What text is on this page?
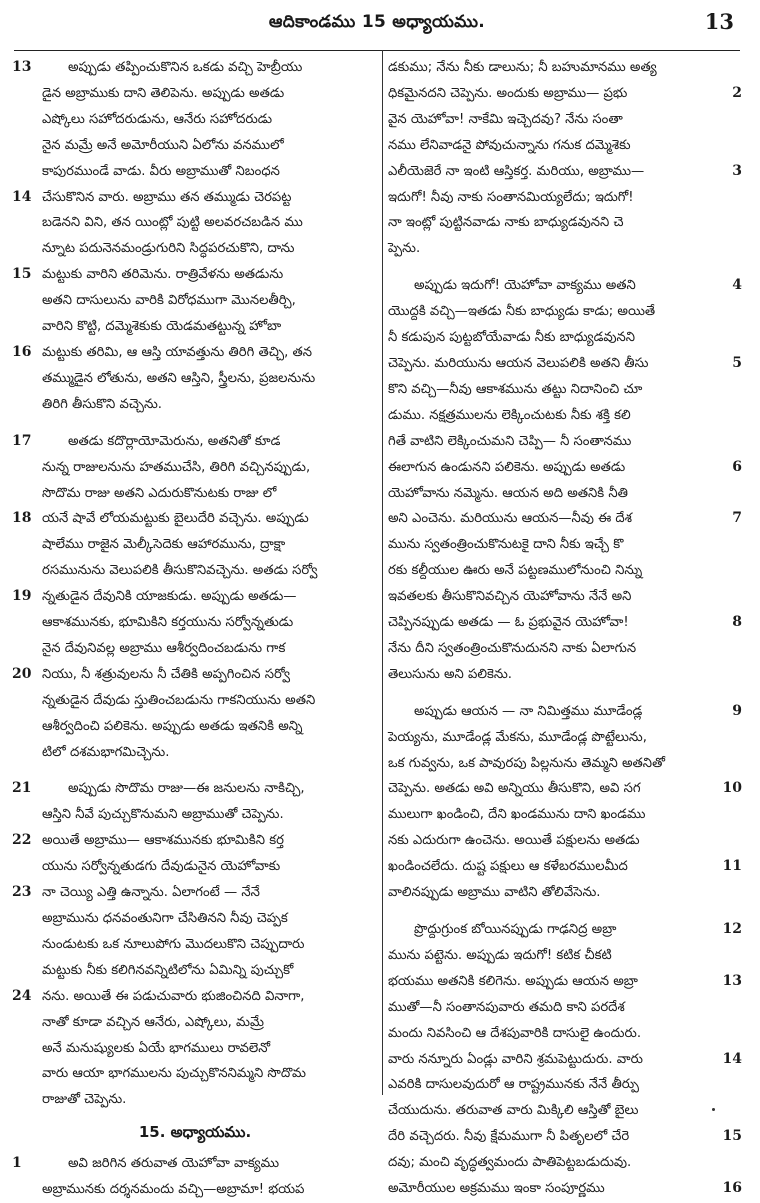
ఆదికాండము 15 అధ్యాయము.	13
13	అప్పుడు తప్పించుకొనిన ఒకడు వచ్చి హెబ్రీయు
డైన అబ్రాముకు దాని తెలిపెను. అప్పుడు అతడు
ఎష్కోలు సహోదరుడును, ఆనేరు సహోదరుడు
నైన మమ్రే అనే అమోరీయుని ఏలోను వనములో
కాపురముండే వాడు. వీరు అబ్రాముతో నిబంధన
14 చేసుకొనిన వారు. అబ్రాము తన తమ్ముడు చెరపట్ట
బడెనని విని, తన యింట్లో పుట్టి అలవరచబడిన ము
న్నూట పదునెనమండ్రుగురిని సిద్ధపరచుకొని, దాను
15 మట్టుకు వారిని తరిమెను. రాత్రివేళను అతడును
అతని దాసులును వారికి విరోధముగా మొనలతీర్చి,
వారిని కొట్టి, దమ్మెశెకుకు యెడమతట్టున్న హోబా
16 మట్టుకు తరిమి, ఆ ఆస్తి యావత్తును తిరిగి తెచ్చి, తన
తమ్ముడైన లోతును, అతని ఆస్తిని, స్త్రీలను, ప్రజలనును
తిరిగి తీసుకొని వచ్చెను.
17	అతడు కదొర్లాయోమెరును, అతనితో కూడ
నున్న రాజులనును హతముచేసి, తిరిగి వచ్చినప్పుడు,
సొదొమ రాజు అతని ఎదురుకొనుటకు రాజు లో
18 యనే షావే లోయమట్టుకు బైలుదేరి వచ్చెను. అప్పుడు
షాలేము రాజైన మెల్కీసెదెకు ఆహారమును, ద్రాక్షా
రసమునును వెలుపలికి తీసుకొనివచ్చెను. అతడు సర్వో
19 న్నతుడైన దేవునికి యాజకుడు. అప్పుడు అతడు—
ఆకాశమునకు, భూమికిని కర్తయును సర్వోన్నతుడు
నైన దేవునివల్ల అబ్రాము ఆశీర్వదించబడును గాక
20 నియు, నీ శత్రువులను నీ చేతికి అప్పగించిన సర్వో
న్నతుడైన దేవుడు స్తుతించబడును గాకనియును అతని
ఆశీర్వదించి పలికెను. అప్పుడు అతడు ఇతనికి అన్ని
టిలో దశమభాగమిచ్చెను.
21	అప్పుడు సొదొమ రాజు—ఈ జనులను నాకిచ్చి,
ఆస్తిని నీవే పుచ్చుకొనుమని అబ్రాముతో చెప్పెను.
22 అయితే అబ్రాము— ఆకాశమునకు భూమికిని కర్త
యును సర్వోన్నతుడగు దేవుడునైన యెహోవాకు
23 నా చెయ్యి ఎత్తి ఉన్నాను. ఏలాగంటే — నేనే
అబ్రామును ధనవంతునిగా చేసితినని నీవు చెప్పక
నుండుటకు ఒక నూలుపోగు మొదలుకొని చెప్పుదారు
మట్టుకు నీకు కలిగినవన్నిటిలోను ఏమిన్ని పుచ్చుకో
24 నను. అయితే ఈ పడుచువారు భుజించినది వినాగా,
నాతో కూడా వచ్చిన ఆనేరు, ఎష్కోలు, మమ్రే
అనే మనుష్యులకు ఏయే భాగములు రావలెనో
వారు ఆయా భాగములను పుచ్చుకొననిమ్మని సొదొమ
రాజుతో చెప్పెను.
15. అధ్యాయము.
1	అవి జరిగిన తరువాత యెహోవా వాక్యము
అబ్రామునకు దర్శనమందు వచ్చి—అబ్రామా! భయప
డకుము; నేను నీకు డాలును; నీ బహుమానము అత్య
2
ధికమైనదని చెప్పెను. అందుకు అబ్రాము— ప్రభు
వైన యెహోవా! నాకేమి ఇచ్చెదవు? నేను సంతా
నము లేనివాడనై పోవుచున్నాను గనుక దమ్మెశెకు
3
ఎలీయెజెరే నా ఇంటి ఆస్తికర్త. మరియు, అబ్రాము—
ఇదుగో! నీవు నాకు సంతానమియ్యలేదు; ఇదుగో!
నా ఇంట్లో పుట్టినవాడు నాకు బాధ్యుడవునని చె
ప్పెను.
4
అప్పుడు ఇదుగో! యెహోవా వాక్యము అతని
యొద్దకి వచ్చి—ఇతడు నీకు బాధ్యుడు కాడు; అయితే
నీ కడుపున పుట్టబోయేవాడు నీకు బాధ్యుడవునని
5
చెప్పెను. మరియును ఆయన వెలుపలికి అతని తీసు
కొని వచ్చి—నీవు ఆకాశమును తట్టు నిదానించి చూ
డుము. నక్షత్రములను లెక్కించుటకు నీకు శక్తి కలి
గితే వాటిని లెక్కించుమని చెప్పి— నీ సంతానము
6
ఈలాగున ఉండునని పలికెను. అప్పుడు అతడు
యెహోవాను నమ్మెను. ఆయన అది అతనికి నీతి
7
అని ఎంచెను. మరియును ఆయన—నీవు ఈ దేశ
మును స్వతంత్రించుకొనుటకై దాని నీకు ఇచ్చే కొ
రకు కల్దీయుల ఊరు అనే పట్టణములోనుంచి నిన్ను
ఇవతలకు తీసుకొనివచ్చిన యెహోవాను నేనే అని
8
చెప్పినప్పుడు అతడు — ఓ ప్రభువైన యెహోవా!
నేను దీని స్వతంత్రించుకొనుదునని నాకు ఏలాగున
తెలుసును అని పలికెను.
9
అప్పుడు ఆయన — నా నిమిత్తము మూడేండ్ల
పెయ్యను, మూడేండ్ల మేకను, మూడేండ్ల పొట్టేలును,
ఒక గువ్వను, ఒక పావురపు పిల్లనును తెమ్మని అతనితో
10
చెప్పెను. అతడు అవి అన్నియు తీసుకొని, అవి సగ
ములుగా ఖండించి, దేని ఖండమును దాని ఖండము
నకు ఎదురుగా ఉంచెను. అయితే పక్షులను అతడు
11
ఖండించలేదు. దుష్ట పక్షులు ఆ కళేబరములమీద
వాలినప్పుడు అబ్రాము వాటిని తోలివేసెను.
12
ప్రొద్దుగ్రుంక బోయినప్పుడు గాఢనిద్ర అబ్రా
మును పట్టెను. అప్పుడు ఇదుగో! కటిక చీకటి
13
భయము అతనికి కలిగెను. అప్పుడు ఆయన అబ్రా
ముతో—నీ సంతానపువారు తమది కాని పరదేశ
మందు నివసించి ఆ దేశపువారికి దాసులై ఉందురు.
14
వారు నన్నూరు ఏండ్లు వారిని శ్రమపెట్టుదురు. వారు
ఎవరికి దాసులవుదురో ఆ రాష్ట్రమునకు నేనే తీర్పు
చేయుదును. తరువాత వారు మిక్కిలి ఆస్తితో బైలు
15
దేరి వచ్చెదరు. నీవు క్షేమముగా నీ పితృలలో చేరె
దవు; మంచి వృద్ధత్వమందు పాతిపెట్టబడుదువు.
16
అమోరీయుల అక్రమము ఇంకా సంపూర్ణము
